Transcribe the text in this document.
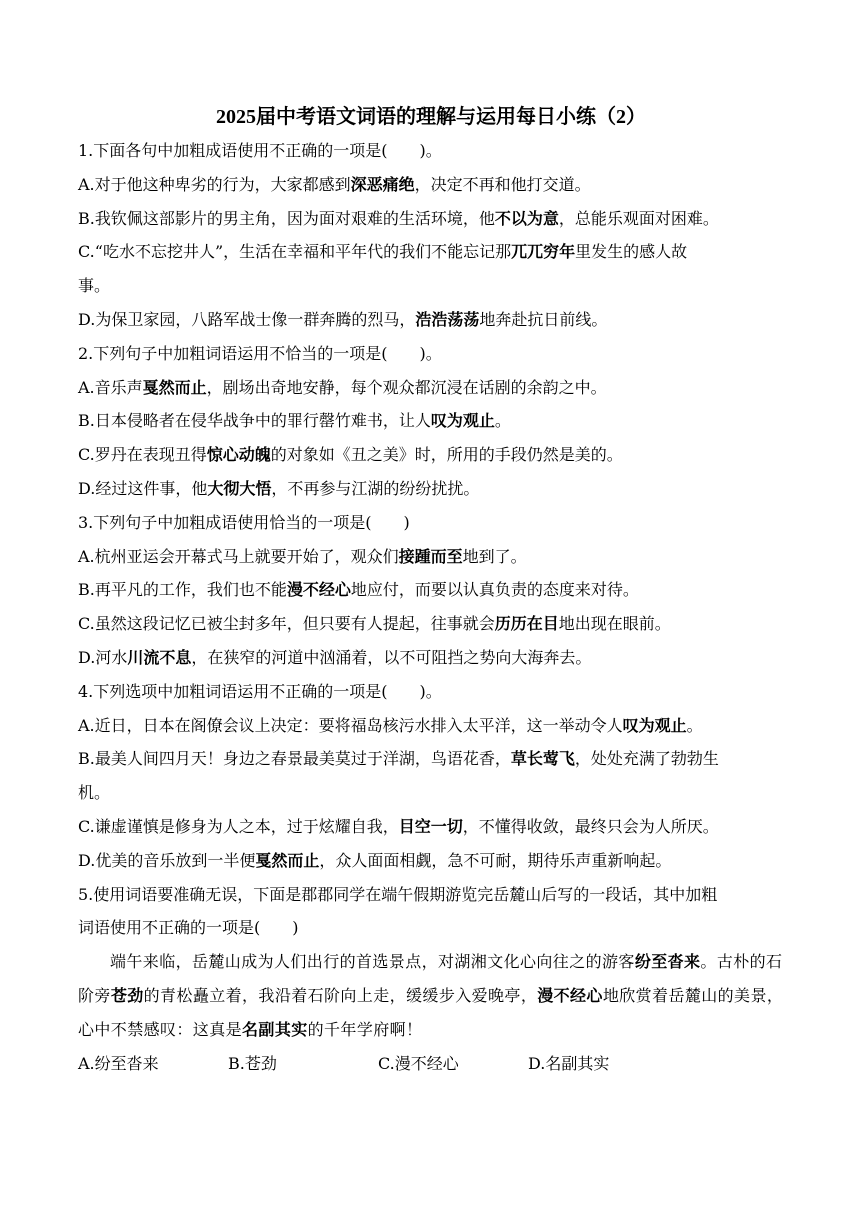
2025届中考语文词语的理解与运用每日小练（2）
1.下面各句中加粗成语使用不正确的一项是(　　)。
A.对于他这种卑劣的行为，大家都感到深恶痛绝，决定不再和他打交道。
B.我钦佩这部影片的男主角，因为面对艰难的生活环境，他不以为意，总能乐观面对困难。
C.“吃水不忘挖井人”，生活在幸福和平年代的我们不能忘记那兀兀穷年里发生的感人故
事。
D.为保卫家园，八路军战士像一群奔腾的烈马，浩浩荡荡地奔赴抗日前线。
2.下列句子中加粗词语运用不恰当的一项是(　　)。
A.音乐声戛然而止，剧场出奇地安静，每个观众都沉浸在话剧的余韵之中。
B.日本侵略者在侵华战争中的罪行罄竹难书，让人叹为观止。
C.罗丹在表现丑得惊心动魄的对象如《丑之美》时，所用的手段仍然是美的。
D.经过这件事，他大彻大悟，不再参与江湖的纷纷扰扰。
3.下列句子中加粗成语使用恰当的一项是(　　)
A.杭州亚运会开幕式马上就要开始了，观众们接踵而至地到了。
B.再平凡的工作，我们也不能漫不经心地应付，而要以认真负责的态度来对待。
C.虽然这段记忆已被尘封多年，但只要有人提起，往事就会历历在目地出现在眼前。
D.河水川流不息，在狭窄的河道中汹涌着，以不可阻挡之势向大海奔去。
4.下列选项中加粗词语运用不正确的一项是(　　)。
A.近日，日本在阁僚会议上决定：要将福岛核污水排入太平洋，这一举动令人叹为观止。
B.最美人间四月天！身边之春景最美莫过于洋湖，鸟语花香，草长莺飞，处处充满了勃勃生
机。
C.谦虚谨慎是修身为人之本，过于炫耀自我，目空一切，不懂得收敛，最终只会为人所厌。
D.优美的音乐放到一半便戛然而止，众人面面相觑，急不可耐，期待乐声重新响起。
5.使用词语要准确无误，下面是郡郡同学在端午假期游览完岳麓山后写的一段话，其中加粗
词语使用不正确的一项是(　　)
端午来临，岳麓山成为人们出行的首选景点，对湖湘文化心向往之的游客纷至沓来。古朴的石阶旁苍劲的青松矗立着，我沿着石阶向上走，缓缓步入爱晚亭，漫不经心地欣赏着岳麓山的美景，心中不禁感叹：这真是名副其实的千年学府啊！
A.纷至沓来	B.苍劲	C.漫不经心	D.名副其实
